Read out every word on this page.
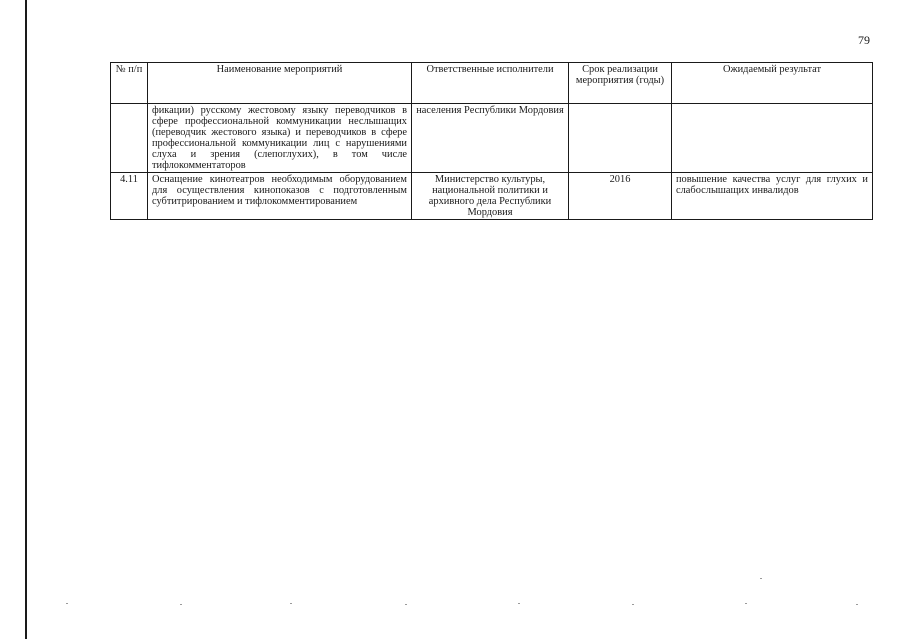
79
№ п/п	Наименование мероприятий	Ответственные исполнители	Срок реализации мероприятия (годы)	Ожидаемый результат
	фикации) русскому жестовому языку переводчиков в сфере профессиональной коммуникации неслышащих (переводчик жестового языка) и переводчиков в сфере профессиональной коммуникации лиц с нарушениями слуха и зрения (слепоглухих), в том числе тифлокомментаторов	населения Республики Мордовия		
4.11	Оснащение кинотеатров необходимым оборудованием для осуществления кинопоказов с подготовленным субтитрированием и тифлокомментированием	Министерство культуры, национальной политики и архивного дела Республики Мордовия	2016	повышение качества услуг для глухих и слабослышащих инвалидов
